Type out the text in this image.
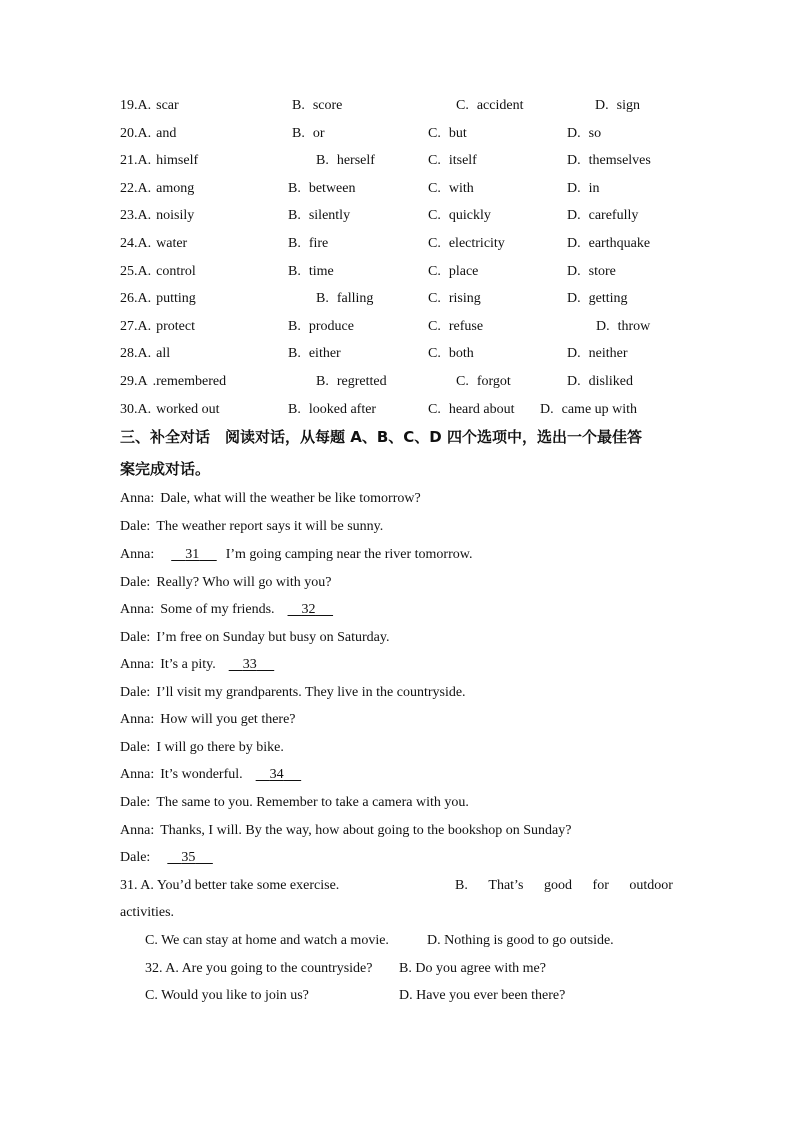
19.A. scar	B. score	C. accident	D. sign
20.A. and	B. or	C. but	D. so
21.A. himself	B. herself	C. itself	D. themselves
22.A. among	B. between	C. with	D. in
23.A. noisily	B. silently	C. quickly	D. carefully
24.A. water	B. fire	C. electricity	D. earthquake
25.A. control	B. time	C. place	D. store
26.A. putting	B. falling	C. rising	D. getting
27.A. protect	B. produce	C. refuse	D. throw
28.A. all	B. either	C. both	D. neither
29.A .remembered	B. regretted	C. forgot	D. disliked
30.A. worked out	B. looked after	C. heard about D. came up with
三、补全对话　阅读对话，从每题 A、B、C、D 四个选项中，选出一个最佳答
案完成对话。
Anna: Dale, what will the weather be like tomorrow?
Dale: The weather report says it will be sunny.
Anna: 31 I’m going camping near the river tomorrow.
Dale: Really? Who will go with you?
Anna: Some of my friends. 32
Dale: I’m free on Sunday but busy on Saturday.
Anna: It’s a pity. 33
Dale: I’ll visit my grandparents. They live in the countryside.
Anna: How will you get there?
Dale: I will go there by bike.
Anna: It’s wonderful. 34
Dale: The same to you. Remember to take a camera with you.
Anna: Thanks, I will. By the way, how about going to the bookshop on Sunday?
Dale: 35
31. A. You’d better take some exercise.	B. That’s good for outdoor
activities.
C. We can stay at home and watch a movie.	D. Nothing is good to go outside.
32. A. Are you going to the countryside? B. Do you agree with me?
C. Would you like to join us?	D. Have you ever been there?
